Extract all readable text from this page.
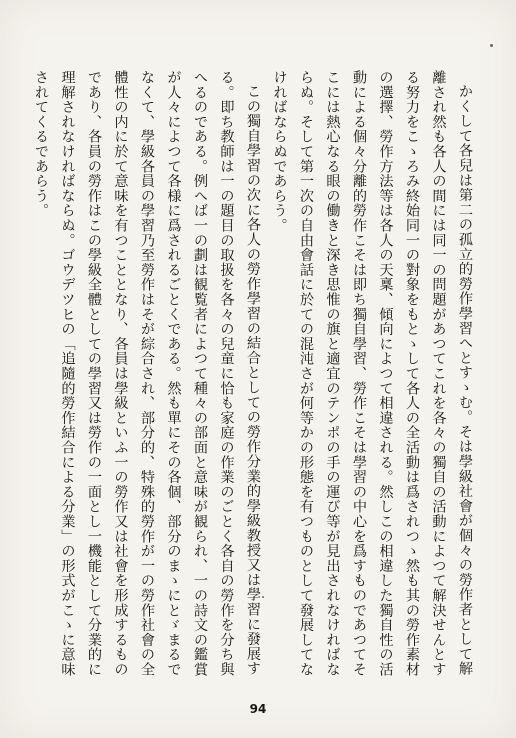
かくして各兒は第二の孤立的勞作學習へとすゝむ。そは學級社會が個々の勞作者として解離され然も各人の間には同一の問題があつてこれを各々の獨自の活動によつて解決せんとする努力をこゝろみ終始同一の對象をもとゝして各人の全活動は爲されつゝ然も其の勞作素材の選擇、勞作方法等は各人の天稟、傾向によつて相違される。然しこの相違した獨自性の活動による個々分離的勞作こそは即ち獨自學習、勞作こそは學習の中心を爲すものであつてそこには熱心なる眼の働きと深き思惟の旗と適宜のテンポの手の運び等が見出されなければならぬ。そして第一次の自由會話に於ての混沌さが何等かの形態を有つものとして發展してなければならぬであらう。

この獨自學習の次に各人の勞作學習の結合としての勞作分業的學級教授又は學習に發展する。即ち教師は一の題目の取扱を各々の兒童に恰も家庭の作業のごとく各自の勞作を分ち與へるのである。例へば一の劃は観覧者によつて種々の部面と意味が観られ、一の詩文の鑑賞が人々によつて各様に爲されるごとくである。然も單にその各個、部分のまゝにとゞまるでなくて、學級各員の學習乃至勞作はそが綜合され、部分的、特殊的勞作が一の勞作社會の全體性の内に於て意味を有つこととなり、各員は學級といふ一の勞作又は社會を形成するものであり、各員の勞作はこの學級全體としての學習又は勞作の一面とし一機能として分業的に理解されなければならぬ。ゴウデツヒの「追隨的勞作結合による分業」の形式がこゝに意味されてくるであらう。

94
